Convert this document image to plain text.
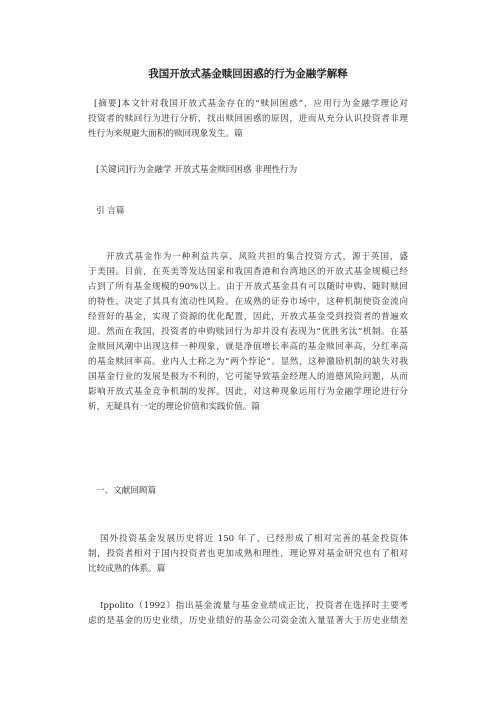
我国开放式基金赎回困惑的行为金融学解释
[摘要]本文针对我国开放式基金存在的“赎回困惑”，应用行为金融学理论对
投资者的赎回行为进行分析，找出赎回困惑的原因，进而从充分认识投资者非理
性行为来规避大面积的赎回现象发生。篇
[关键词]行为金融学 开放式基金赎回困惑 非理性行为
引 言篇
开放式基金作为一种利益共享、风险共担的集合投资方式，源于英国，盛
于美国。目前，在英美等发达国家和我国香港和台湾地区的开放式基金规模已经
占到了所有基金规模的90%以上。由于开放式基金具有可以随时申购、随时赎回
的特性，决定了其具有流动性风险。在成熟的证券市场中，这种机制使资金流向
经营好的基金，实现了资源的优化配置，因此，开放式基金受到投资者的普遍欢
迎。然而在我国，投资者的申购赎回行为却并没有表现为“优胜劣汰”机制。在基
金赎回风潮中出现这样一种现象，就是净值增长率高的基金赎回率高，分红率高
的基金赎回率高。业内人士称之为“两个悖论”。显然，这种激励机制的缺失对我
国基金行业的发展是极为不利的，它可能导致基金经理人的道德风险问题，从而
影响开放式基金竞争机制的发挥。因此，对这种现象运用行为金融学理论进行分
析，无疑具有一定的理论价值和实践价值。篇
一、文献回顾篇
国外投资基金发展历史将近 150 年了，已经形成了相对完善的基金投资体
制，投资者相对于国内投资者也更加成熟和理性，理论界对基金研究也有了相对
比较成熟的体系。篇
Ippolito（1992）指出基金流量与基金业绩成正比，投资者在选择时主要考
虑的是基金的历史业绩，历史业绩好的基金公司资金流入量显著大于历史业绩差
